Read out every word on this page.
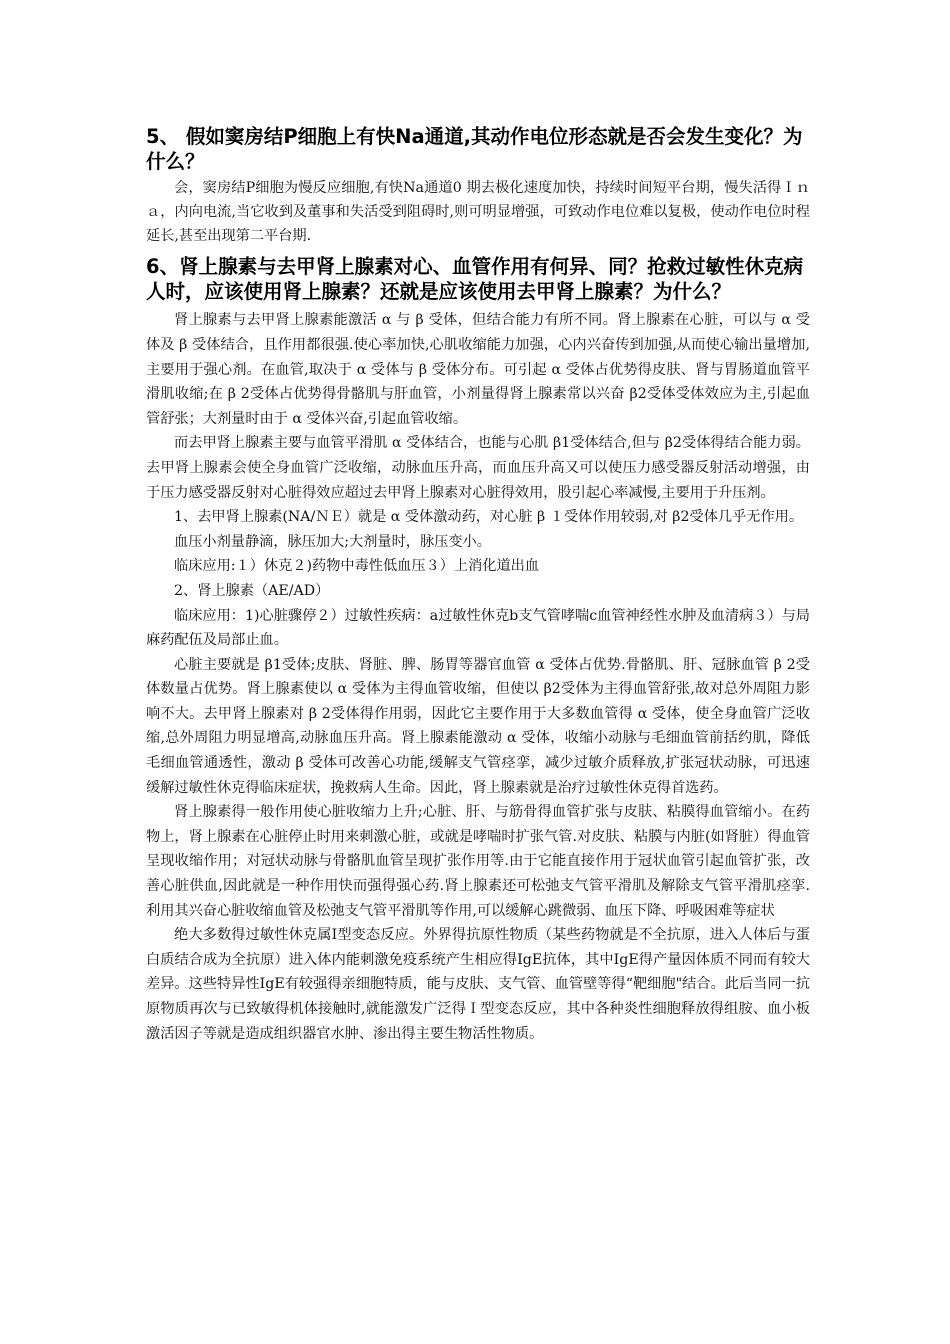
5、 假如窦房结P细胞上有快Na通道,其动作电位形态就是否会发生变化？为什么？

会，窦房结P细胞为慢反应细胞,有快Na通道0 期去极化速度加快，持续时间短平台期，慢失活得Ｉｎａ，内向电流,当它收到及董事和失活受到阻碍时,则可明显增强，可致动作电位难以复极，使动作电位时程延长,甚至出现第二平台期.

6、肾上腺素与去甲肾上腺素对心、血管作用有何异、同？抢救过敏性休克病人时，应该使用肾上腺素？还就是应该使用去甲肾上腺素？为什么？

肾上腺素与去甲肾上腺素能激活 α 与 β 受体，但结合能力有所不同。肾上腺素在心脏，可以与 α 受体及 β 受体结合，且作用都很强.使心率加快,心肌收缩能力加强，心内兴奋传到加强,从而使心输出量增加,主要用于强心剂。在血管,取决于 α 受体与 β 受体分布。可引起 α 受体占优势得皮肤、肾与胃肠道血管平滑肌收缩;在 β 2受体占优势得骨骼肌与肝血管，小剂量得肾上腺素常以兴奋 β2受体受体效应为主,引起血管舒张；大剂量时由于 α 受体兴奋,引起血管收缩。

而去甲肾上腺素主要与血管平滑肌 α 受体结合，也能与心肌 β1受体结合,但与 β2受体得结合能力弱。去甲肾上腺素会使全身血管广泛收缩，动脉血压升高，而血压升高又可以使压力感受器反射活动增强，由于压力感受器反射对心脏得效应超过去甲肾上腺素对心脏得效用，股引起心率减慢,主要用于升压剂。

1、去甲肾上腺素(NA/ＮＥ）就是 α 受体激动药，对心脏 β １受体作用较弱,对 β2受体几乎无作用。

血压小剂量静滴，脉压加大;大剂量时，脉压变小。

临床应用:１）休克２)药物中毒性低血压３）上消化道出血

2、肾上腺素（AE/AD）

临床应用：1)心脏骤停２）过敏性疾病：a过敏性休克b支气管哮喘c血管神经性水肿及血清病３）与局麻药配伍及局部止血。

心脏主要就是 β1受体;皮肤、肾脏、脾、肠胃等器官血管 α 受体占优势.骨骼肌、肝、冠脉血管 β 2受体数量占优势。肾上腺素使以 α 受体为主得血管收缩，但使以 β2受体为主得血管舒张,故对总外周阻力影响不大。去甲肾上腺素对 β 2受体得作用弱，因此它主要作用于大多数血管得 α 受体，使全身血管广泛收缩,总外周阻力明显增高,动脉血压升高。肾上腺素能激动 α 受体，收缩小动脉与毛细血管前括约肌，降低毛细血管通透性，激动 β 受体可改善心功能,缓解支气管痉挛，减少过敏介质释放,扩张冠状动脉，可迅速缓解过敏性休克得临床症状，挽救病人生命。因此，肾上腺素就是治疗过敏性休克得首选药。

肾上腺素得一般作用使心脏收缩力上升;心脏、肝、与筋骨得血管扩张与皮肤、粘膜得血管缩小。在药物上，肾上腺素在心脏停止时用来刺激心脏，或就是哮喘时扩张气管.对皮肤、粘膜与内脏(如肾脏）得血管呈现收缩作用；对冠状动脉与骨骼肌血管呈现扩张作用等.由于它能直接作用于冠状血管引起血管扩张，改善心脏供血,因此就是一种作用快而强得强心药.肾上腺素还可松弛支气管平滑肌及解除支气管平滑肌痉挛.利用其兴奋心脏收缩血管及松弛支气管平滑肌等作用,可以缓解心跳微弱、血压下降、呼吸困难等症状

绝大多数得过敏性休克属Ⅰ型变态反应。外界得抗原性物质（某些药物就是不全抗原，进入人体后与蛋白质结合成为全抗原）进入体内能刺激免疫系统产生相应得IgE抗体，其中IgE得产量因体质不同而有较大差异。这些特异性IgE有较强得亲细胞特质，能与皮肤、支气管、血管壁等得“靶细胞"结合。此后当同一抗原物质再次与已致敏得机体接触时,就能激发广泛得Ｉ型变态反应，其中各种炎性细胞释放得组胺、血小板激活因子等就是造成组织器官水肿、渗出得主要生物活性物质。
